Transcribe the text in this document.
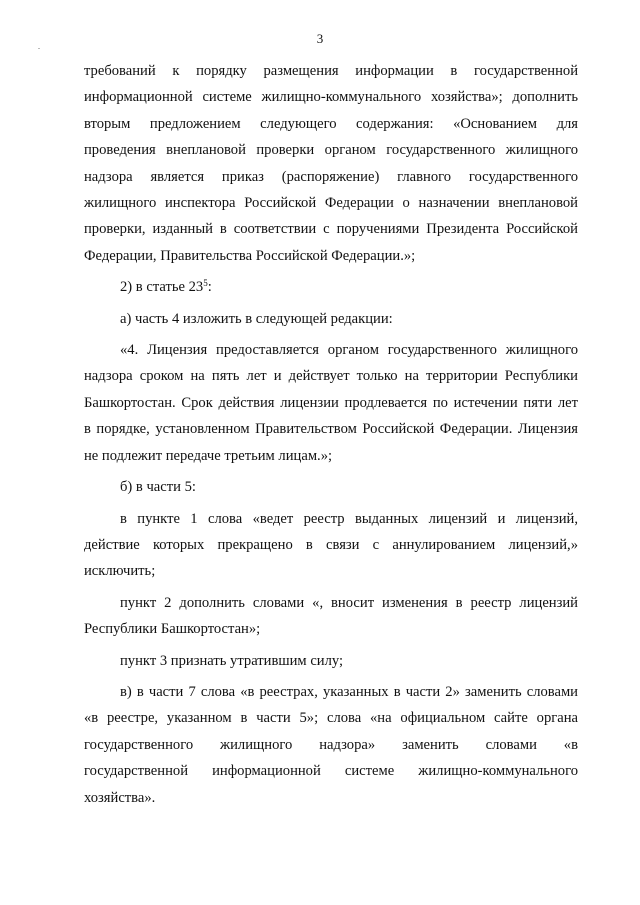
3

требований к порядку размещения информации в государственной

информационной системе жилищно-коммунального хозяйства»; дополнить

вторым предложением следующего содержания: «Основанием для

проведения внеплановой проверки органом государственного жилищного

надзора является приказ (распоряжение) главного государственного

жилищного инспектора Российской Федерации о назначении внеплановой

проверки, изданный в соответствии с поручениями Президента Российской

Федерации, Правительства Российской Федерации.»;

2) в статье $23^5$:

а) часть 4 изложить в следующей редакции:

«4. Лицензия предоставляется органом государственного жилищного

надзора сроком на пять лет и действует только на территории Республики

Башкортостан. Срок действия лицензии продлевается по истечении пяти лет

в порядке, установленном Правительством Российской Федерации. Лицензия

не подлежит передаче третьим лицам.»;

б) в части 5:

в пункте 1 слова «ведет реестр выданных лицензий и лицензий,

действие которых прекращено в связи с аннулированием лицензий,»

исключить;

пункт 2 дополнить словами «, вносит изменения в реестр лицензий

Республики Башкортостан»;

пункт 3 признать утратившим силу;

в) в части 7 слова «в реестрах, указанных в части 2» заменить словами

«в реестре, указанном в части 5»; слова «на официальном сайте органа

государственного жилищного надзора» заменить словами «в

государственной информационной системе жилищно-коммунального

хозяйства».
